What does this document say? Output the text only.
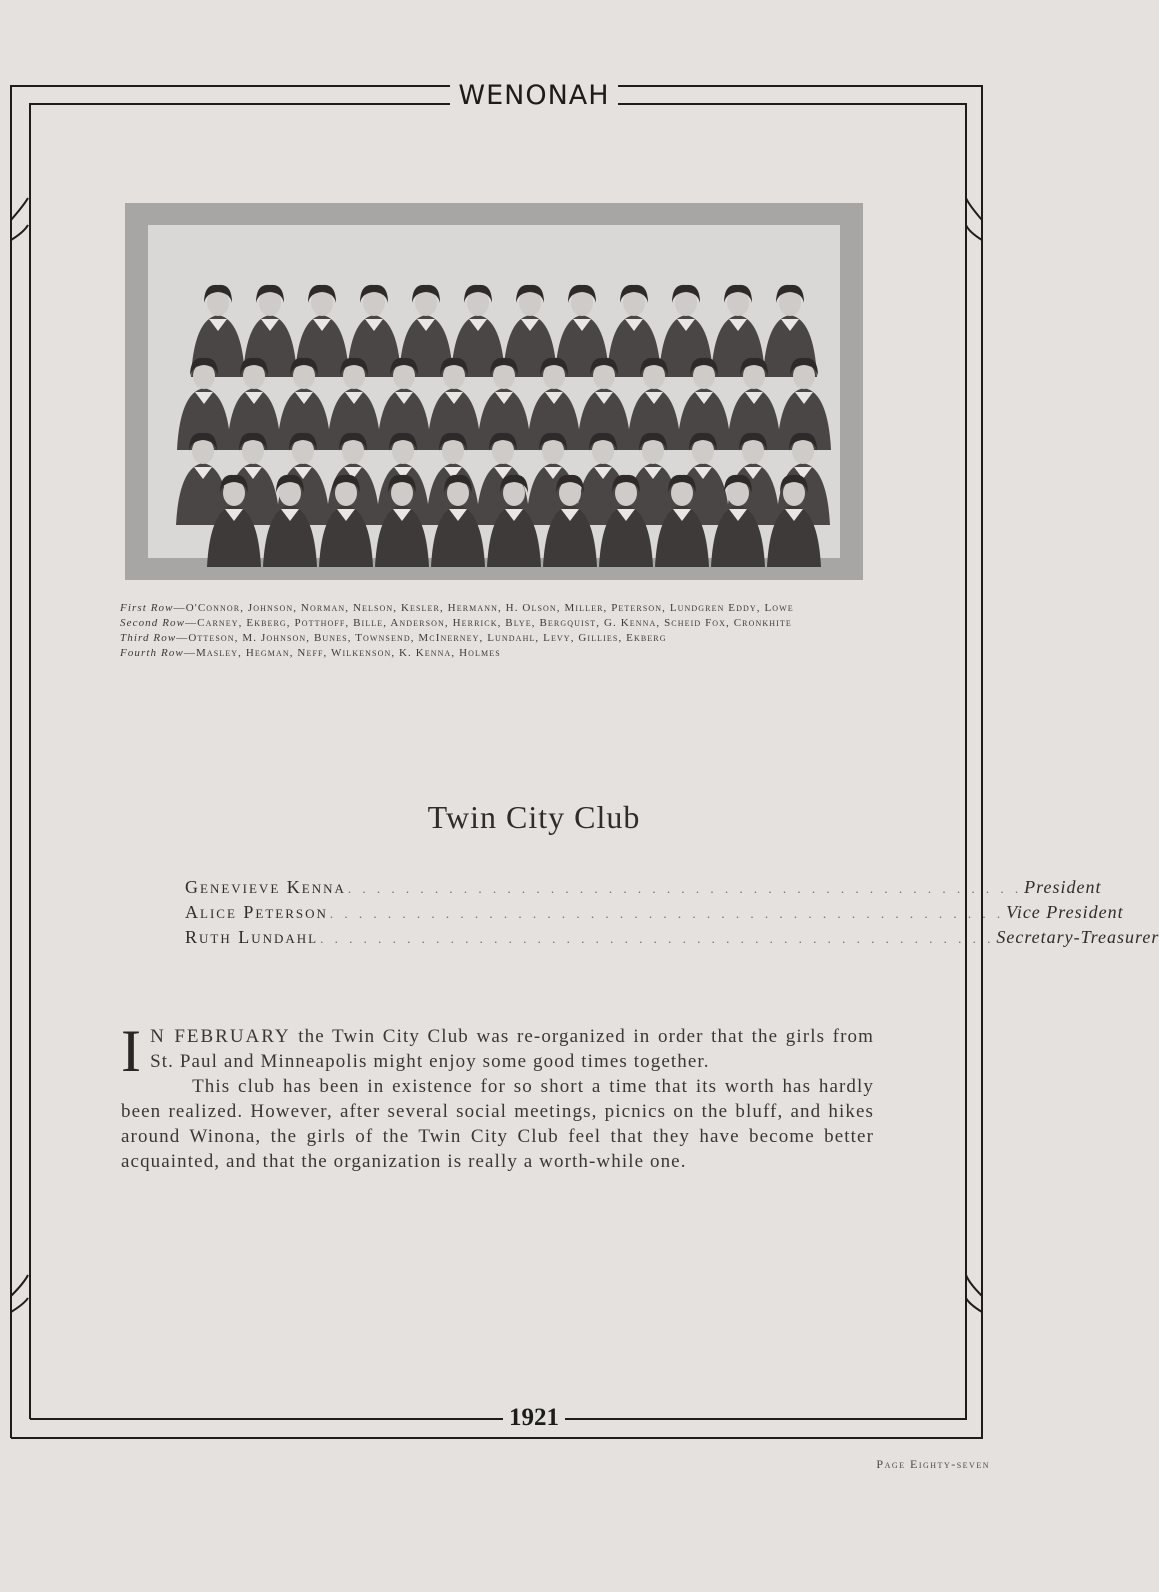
WENONAH
First Row—O'Connor, Johnson, Norman, Nelson, Kesler, Hermann, H. Olson, Miller, Peterson, Lundgren Eddy, Lowe
Second Row—Carney, Ekberg, Potthoff, Bille, Anderson, Herrick, Blye, Bergquist, G. Kenna, Scheid Fox, Cronkhite
Third Row—Otteson, M. Johnson, Bunes, Townsend, McInerney, Lundahl, Levy, Gillies, Ekberg
Fourth Row—Masley, Hegman, Neff, Wilkenson, K. Kenna, Holmes
Twin City Club
Genevieve Kenna . . . . . . . . . . . . . . . . . . . . . . . . . . . . . . . . . . . . . . . . . . . . . . . President
Alice Peterson . . . . . . . . . . . . . . . . . . . . . . . . . . . . . . . . . . . . . . . . . . . . . . . Vice President
Ruth Lundahl . . . . . . . . . . . . . . . . . . . . . . . . . . . . . . . . . . . . . . . . . . . . . . . Secretary-Treasurer

I N FEBRUARY the Twin City Club was re-organized in order that the girls from St. Paul and Minneapolis might enjoy some good times together.

This club has been in existence for so short a time that its worth has hardly been realized. However, after several social meetings, picnics on the bluff, and hikes around Winona, the girls of the Twin City Club feel that they have become better acquainted, and that the organization is really a worth-while one.

1921
Page Eighty-seven
